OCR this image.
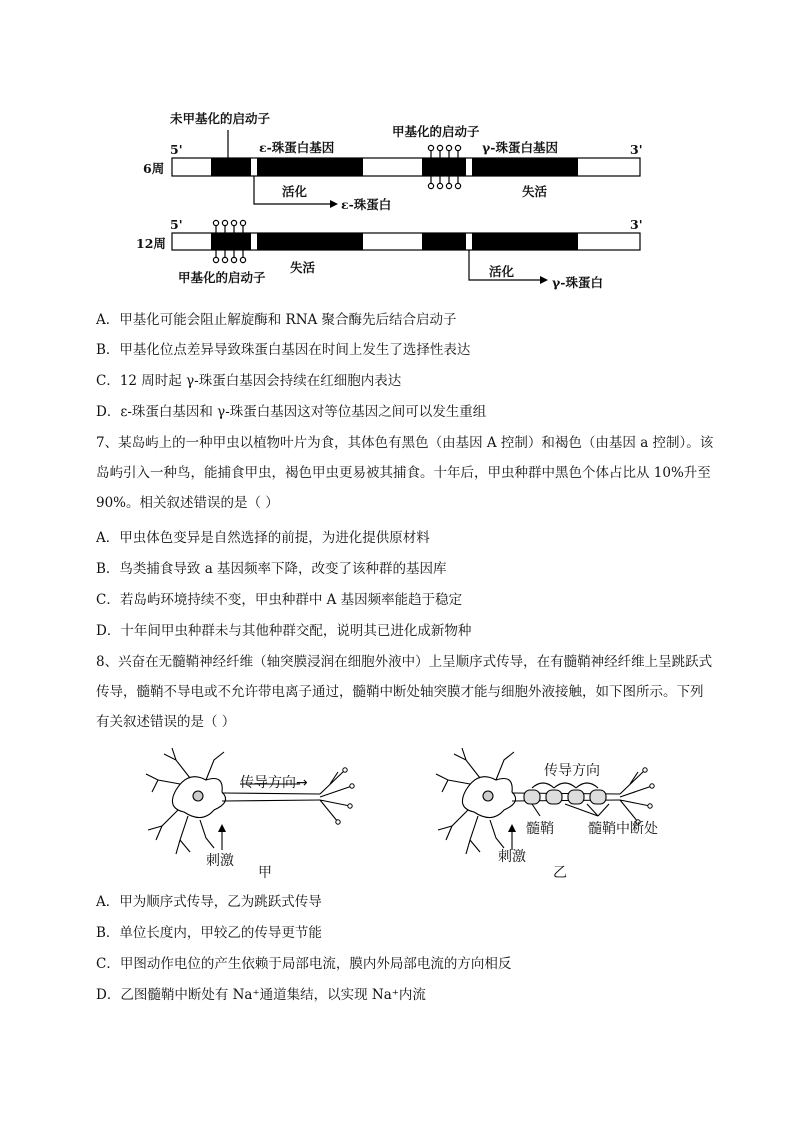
未甲基化的启动子
ε-珠蛋白基因
甲基化的启动子
γ-珠蛋白基因
5'	3'
6周
活化
ε-珠蛋白
失活
5'	3'
12周
甲基化的启动子
失活	活化
γ-珠蛋白
A．甲基化可能会阻止解旋酶和 RNA 聚合酶先后结合启动子
B．甲基化位点差异导致珠蛋白基因在时间上发生了选择性表达
C．12 周时起 γ-珠蛋白基因会持续在红细胞内表达
D．ε-珠蛋白基因和 γ-珠蛋白基因这对等位基因之间可以发生重组
7、某岛屿上的一种甲虫以植物叶片为食，其体色有黑色（由基因 A 控制）和褐色（由基因 a 控制）。该岛屿引入一种鸟，能捕食甲虫，褐色甲虫更易被其捕食。十年后，甲虫种群中黑色个体占比从 10%升至 90%。相关叙述错误的是（ ）
A．甲虫体色变异是自然选择的前提，为进化提供原材料
B．鸟类捕食导致 a 基因频率下降，改变了该种群的基因库
C．若岛屿环境持续不变，甲虫种群中 A 基因频率能趋于稳定
D．十年间甲虫种群未与其他种群交配，说明其已进化成新物种
8、兴奋在无髓鞘神经纤维（轴突膜浸润在细胞外液中）上呈顺序式传导，在有髓鞘神经纤维上呈跳跃式传导，髓鞘不导电或不允许带电离子通过，髓鞘中断处轴突膜才能与细胞外液接触，如下图所示。下列有关叙述错误的是（ ）
传导方向→
刺激
甲
传导方向
髓鞘 髓鞘中断处
刺激
乙
A．甲为顺序式传导，乙为跳跃式传导
B．单位长度内，甲较乙的传导更节能
C．甲图动作电位的产生依赖于局部电流，膜内外局部电流的方向相反
D．乙图髓鞘中断处有 Na⁺通道集结，以实现 Na⁺内流
